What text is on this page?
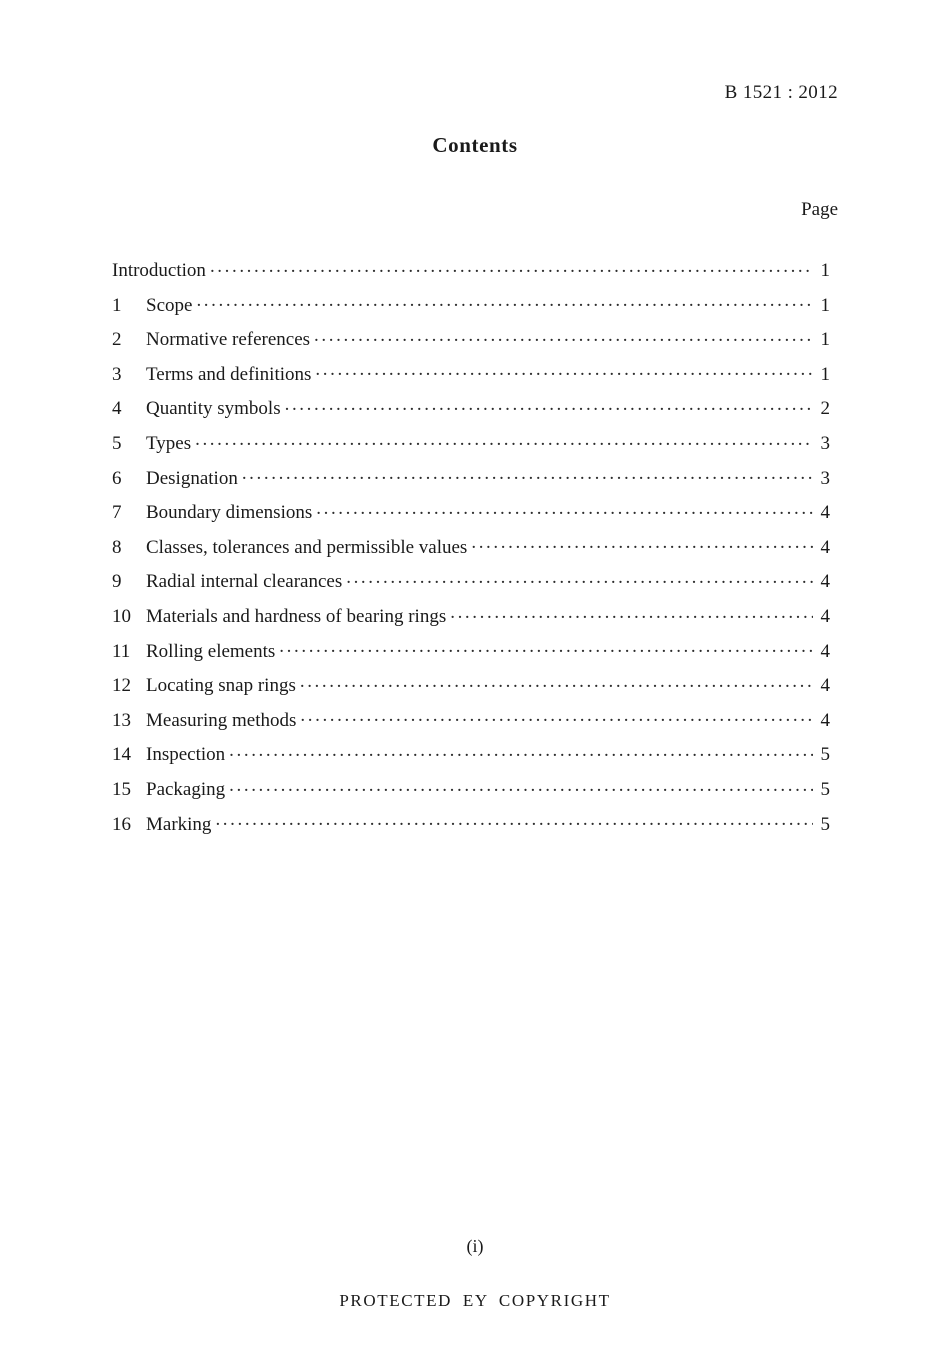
B 1521 : 2012
Contents
Page
Introduction .....	1
1	Scope .....	1
2	Normative references .....	1
3	Terms and definitions .....	1
4	Quantity symbols .....	2
5	Types .....	3
6	Designation .....	3
7	Boundary dimensions .....	4
8	Classes, tolerances and permissible values .....	4
9	Radial internal clearances .....	4
10 Materials and hardness of bearing rings .....	4
11 Rolling elements .....	4
12 Locating snap rings .....	4
13 Measuring methods .....	4
14 Inspection .....	5
15 Packaging .....	5
16 Marking .....	5
(i)
PROTECTED EY COPYRIGHT
